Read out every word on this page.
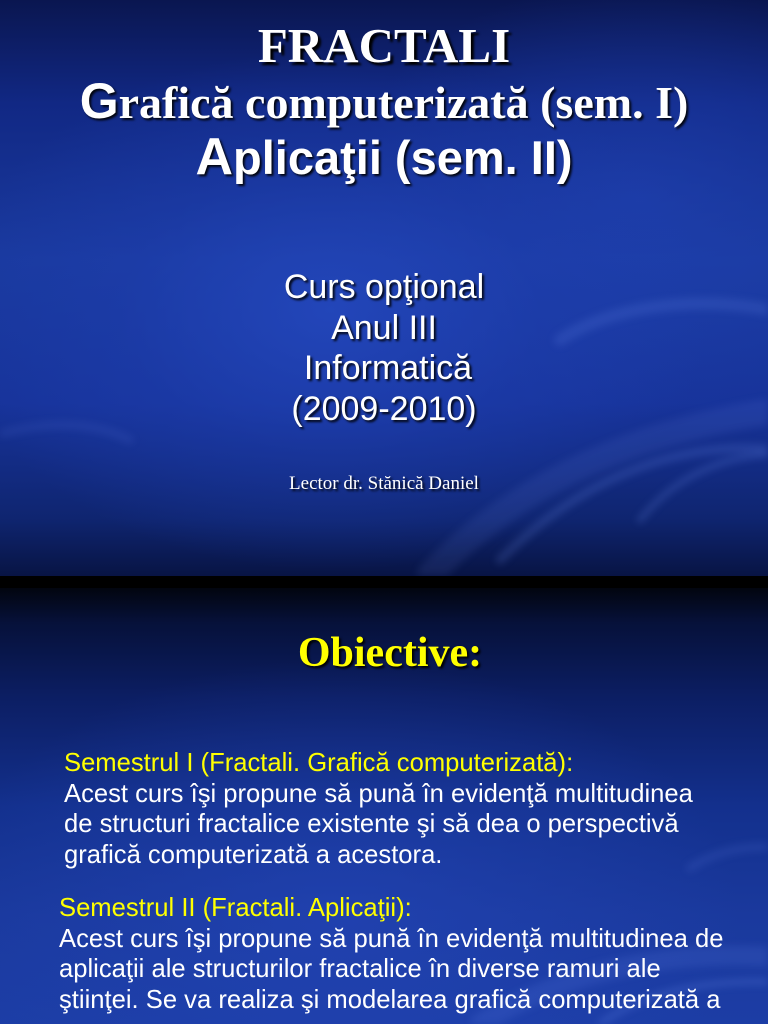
FRACTALI
Grafică computerizată (sem. I)
Aplicaţii (sem. II)
Curs opţional
Anul III
Informatică
(2009-2010)
Lector dr. Stănică Daniel
Obiective:
Semestrul I (Fractali. Grafică computerizată):
Acest curs îşi propune să pună în evidenţă multitudinea
de structuri fractalice existente şi să dea o perspectivă
grafică computerizată a acestora.
Semestrul II (Fractali. Aplicaţii):
Acest curs îşi propune să pună în evidenţă multitudinea de
aplicaţii ale structurilor fractalice în diverse ramuri ale
ştiinţei. Se va realiza şi modelarea grafică computerizată a
